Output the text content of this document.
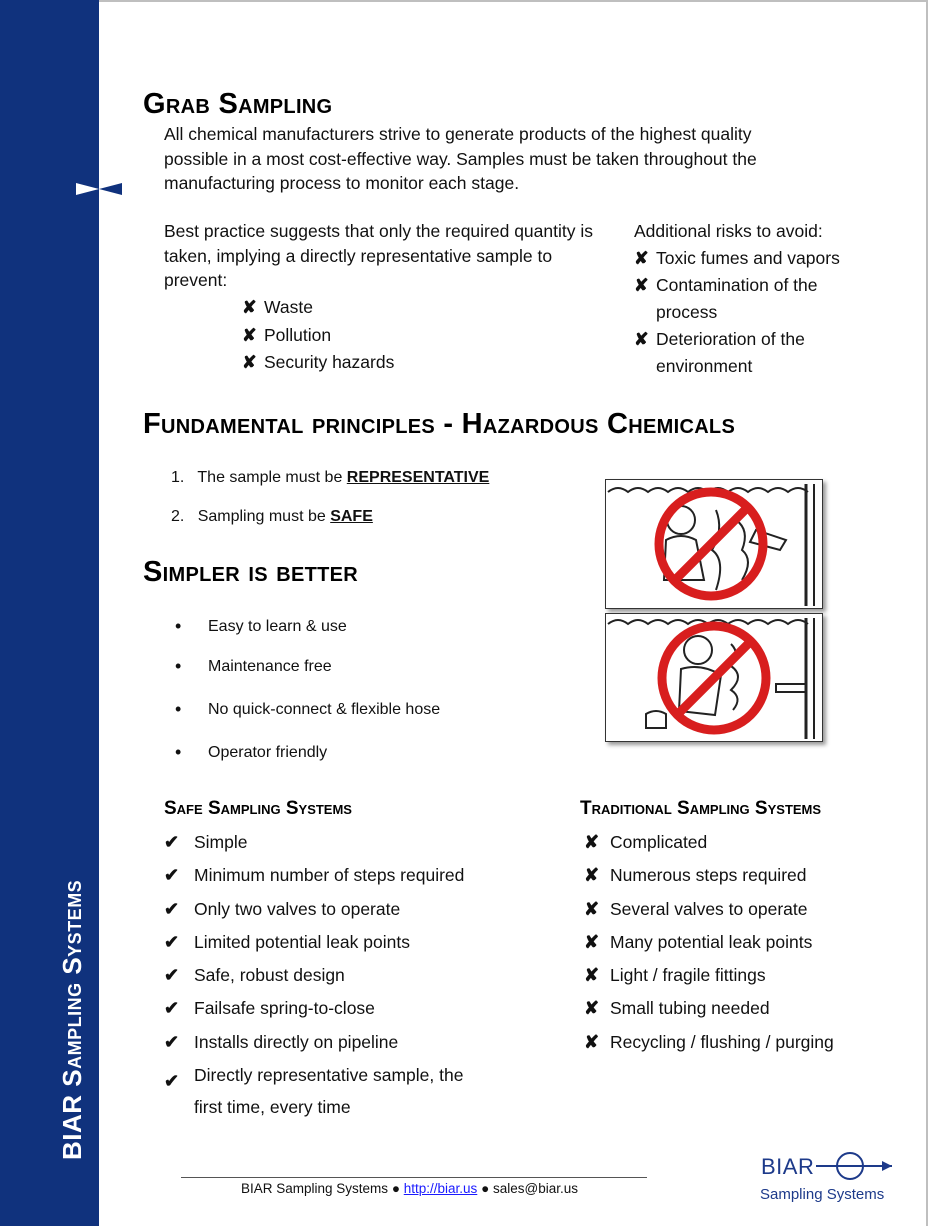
BIAR Sampling Systems
Grab Sampling

All chemical manufacturers strive to generate products of the highest quality possible in a most cost-effective way. Samples must be taken throughout the manufacturing process to monitor each stage.

Best practice suggests that only the required quantity is taken, implying a directly representative sample to prevent:

✘ Waste
✘ Pollution
✘ Security hazards
Additional risks to avoid:
✘ Toxic fumes and vapors
✘ Contamination of the process
✘ Deterioration of the environment
Fundamental principles - Hazardous Chemicals
1. The sample must be REPRESENTATIVE
2. Sampling must be SAFE
Simpler is better
• Easy to learn & use
• Maintenance free
• No quick-connect & flexible hose
• Operator friendly
Safe Sampling Systems
✔ Simple
✔ Minimum number of steps required
✔ Only two valves to operate
✔ Limited potential leak points
✔ Safe, robust design
✔ Failsafe spring-to-close
✔ Installs directly on pipeline
✔ Directly representative sample, the first time, every time
Traditional Sampling Systems
✘ Complicated
✘ Numerous steps required
✘ Several valves to operate
✘ Many potential leak points
✘ Light / fragile fittings
✘ Small tubing needed
✘ Recycling / flushing / purging
BIAR Sampling Systems ● http://biar.us ● sales@biar.us
BIAR
Sampling Systems
